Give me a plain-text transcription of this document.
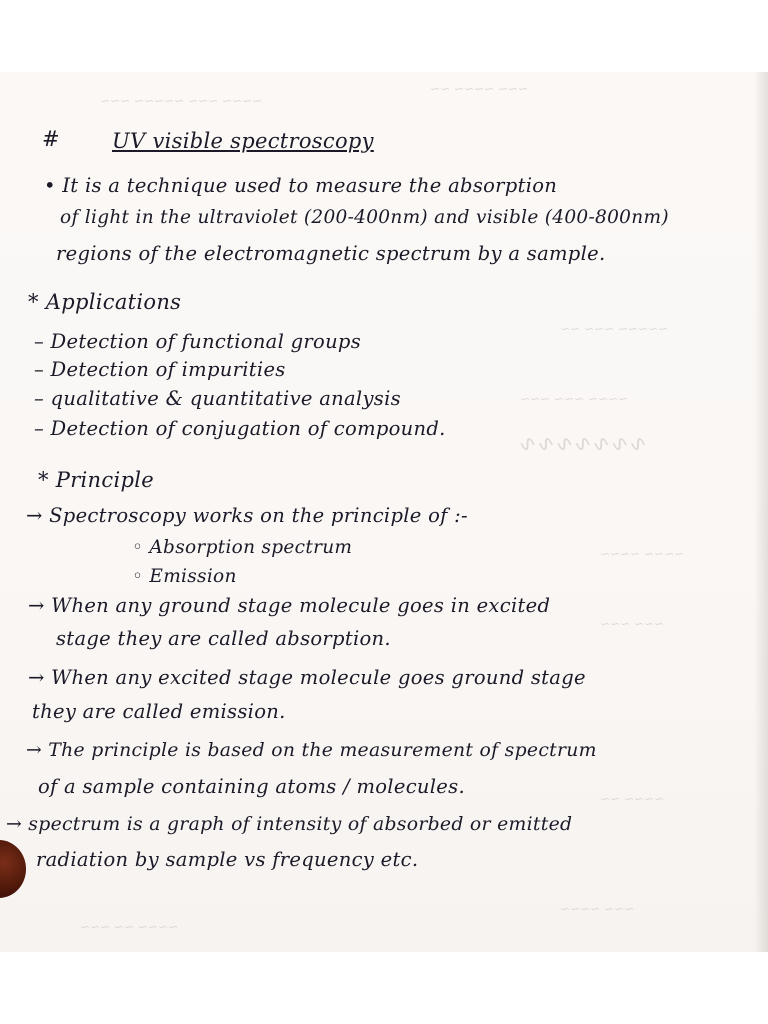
~~~~ ~~~ ~~~~~ ~~~
~~~ ~~~~ ~~
~~~~~ ~~~ ~~
~~~~ ~~~ ~~~
∿∿∿∿∿∿∿
~~~~ ~~~~
~~~ ~~~
~~~~ ~~
~~~ ~~~~
~~~~ ~~ ~~~
# UV visible spectroscopy
• It is a technique used to measure the absorption
of light in the ultraviolet (200-400nm) and visible (400-800nm)
regions of the electromagnetic spectrum by a sample.
* Applications
– Detection of functional groups
– Detection of impurities
– qualitative & quantitative analysis
– Detection of conjugation of compound.
* Principle
→ Spectroscopy works on the principle of :-
◦ Absorption spectrum
◦ Emission
→ When any ground stage molecule goes in excited
stage they are called absorption.
→ When any excited stage molecule goes ground stage
they are called emission.
→ The principle is based on the measurement of spectrum
of a sample containing atoms / molecules.
→ spectrum is a graph of intensity of absorbed or emitted
radiation by sample vs frequency etc.
